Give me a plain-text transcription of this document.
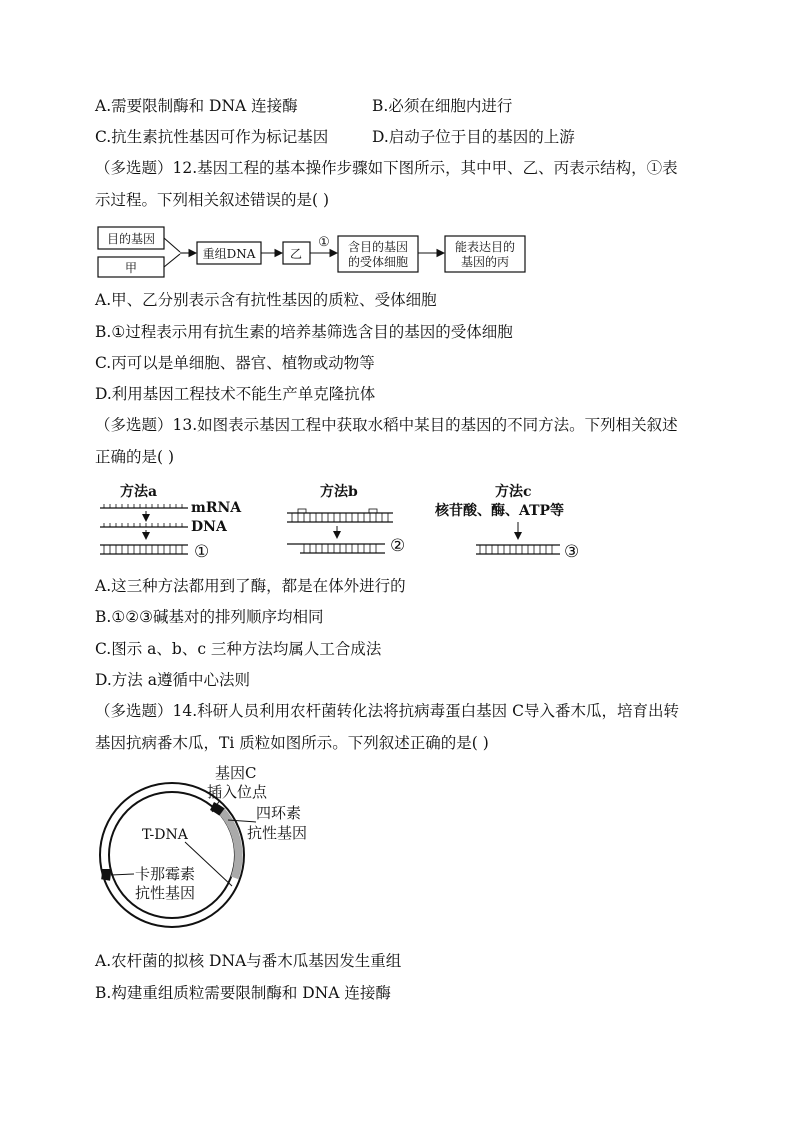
A.需要限制酶和 DNA 连接酶	B.必须在细胞内进行
C.抗生素抗性基因可作为标记基因	D.启动子位于目的基因的上游
（多选题）12.基因工程的基本操作步骤如下图所示，其中甲、乙、丙表示结构，①表
示过程。下列相关叙述错误的是( )
目的基因
甲
重组DNA	乙
① 含目的基因
的受体细胞
能表达目的
基因的丙
方法a
mRNA
DNA
①
方法b
②
方法c
核苷酸、酶、ATP等
③
基因C
插入位点
T-DNA
四环素
抗性基因
卡那霉素
抗性基因
A.甲、乙分别表示含有抗性基因的质粒、受体细胞
B.①过程表示用有抗生素的培养基筛选含目的基因的受体细胞
C.丙可以是单细胞、器官、植物或动物等
D.利用基因工程技术不能生产单克隆抗体
（多选题）13.如图表示基因工程中获取水稻中某目的基因的不同方法。下列相关叙述
正确的是( )
A.这三种方法都用到了酶，都是在体外进行的
B.①②③碱基对的排列顺序均相同
C.图示 a、b、c 三种方法均属人工合成法
D.方法 a遵循中心法则
（多选题）14.科研人员利用农杆菌转化法将抗病毒蛋白基因 C导入番木瓜，培育出转
基因抗病番木瓜，Ti 质粒如图所示。下列叙述正确的是( )
A.农杆菌的拟核 DNA与番木瓜基因发生重组
B.构建重组质粒需要限制酶和 DNA 连接酶
